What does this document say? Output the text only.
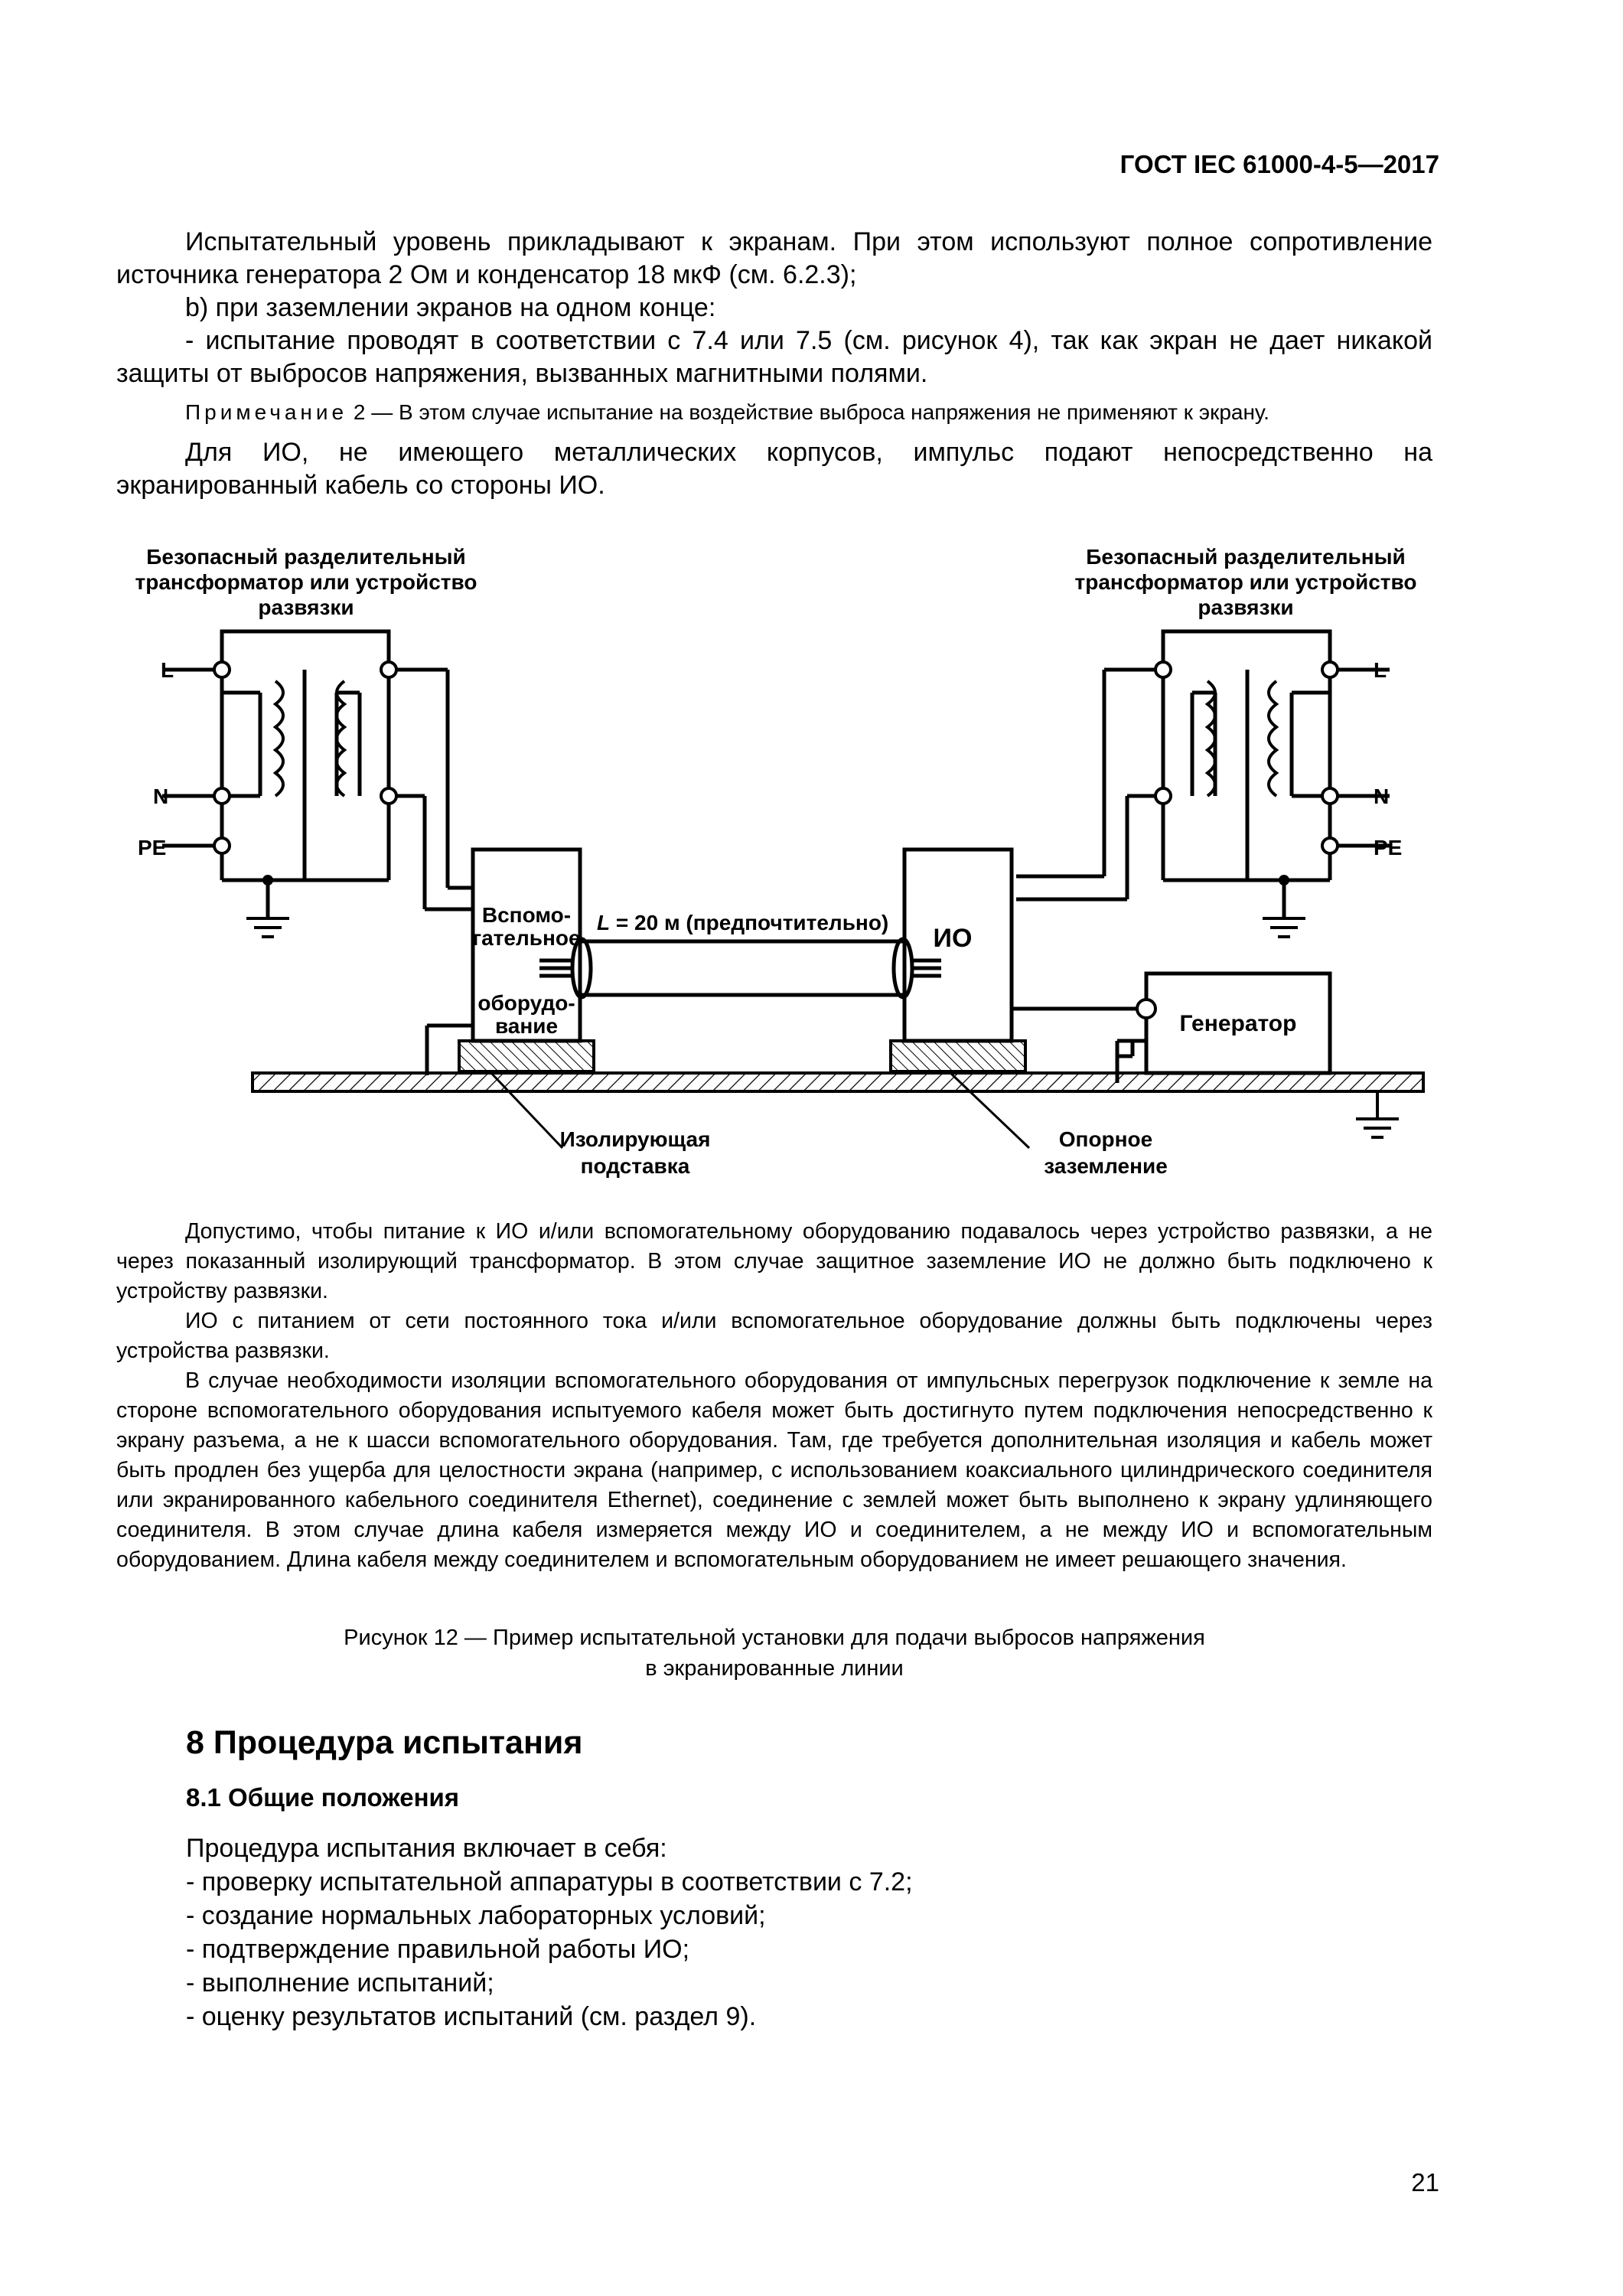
ГОСТ IEC 61000-4-5—2017

Испытательный уровень прикладывают к экранам. При этом используют полное сопротивление источника генератора 2 Ом и конденсатор 18 мкФ (см. 6.2.3);

b) при заземлении экранов на одном конце:

- испытание проводят в соответствии с 7.4 или 7.5 (см. рисунок 4), так как экран не дает никакой защиты от выбросов напряжения, вызванных магнитными полями.

Примечание 2 — В этом случае испытание на воздействие выброса напряжения не применяют к экрану.

Для ИО, не имеющего металлических корпусов, импульс подают непосредственно на экранированный кабель со стороны ИО.

Безопасный разделительный
трансформатор или устройство
развязки
Безопасный разделительный
трансформатор или устройство
развязки
L
N
PE
L
N
PE
Вспомо-
гательное
оборудо-
вание
ИО
L = 20 м (предпочтительно)
Генератор
Изолирующая
подставка
Опорное
заземление

Допустимо, чтобы питание к ИО и/или вспомогательному оборудованию подавалось через устройство развязки, а не через показанный изолирующий трансформатор. В этом случае защитное заземление ИО не должно быть подключено к устройству развязки.

ИО с питанием от сети постоянного тока и/или вспомогательное оборудование должны быть подключены через устройства развязки.

В случае необходимости изоляции вспомогательного оборудования от импульсных перегрузок подключение к земле на стороне вспомогательного оборудования испытуемого кабеля может быть достигнуто путем подключения непосредственно к экрану разъема, а не к шасси вспомогательного оборудования. Там, где требуется дополнительная изоляция и кабель может быть продлен без ущерба для целостности экрана (например, с использованием коаксиального цилиндрического соединителя или экранированного кабельного соединителя Ethernet), соединение с землей может быть выполнено к экрану удлиняющего соединителя. В этом случае длина кабеля измеряется между ИО и соединителем, а не между ИО и вспомогательным оборудованием. Длина кабеля между соединителем и вспомогательным оборудованием не имеет решающего значения.

Рисунок 12 — Пример испытательной установки для подачи выбросов напряжения
в экранированные линии
8 Процедура испытания
8.1 Общие положения
Процедура испытания включает в себя:
- проверку испытательной аппаратуры в соответствии с 7.2;
- создание нормальных лабораторных условий;
- подтверждение правильной работы ИО;
- выполнение испытаний;
- оценку результатов испытаний (см. раздел 9).
21
